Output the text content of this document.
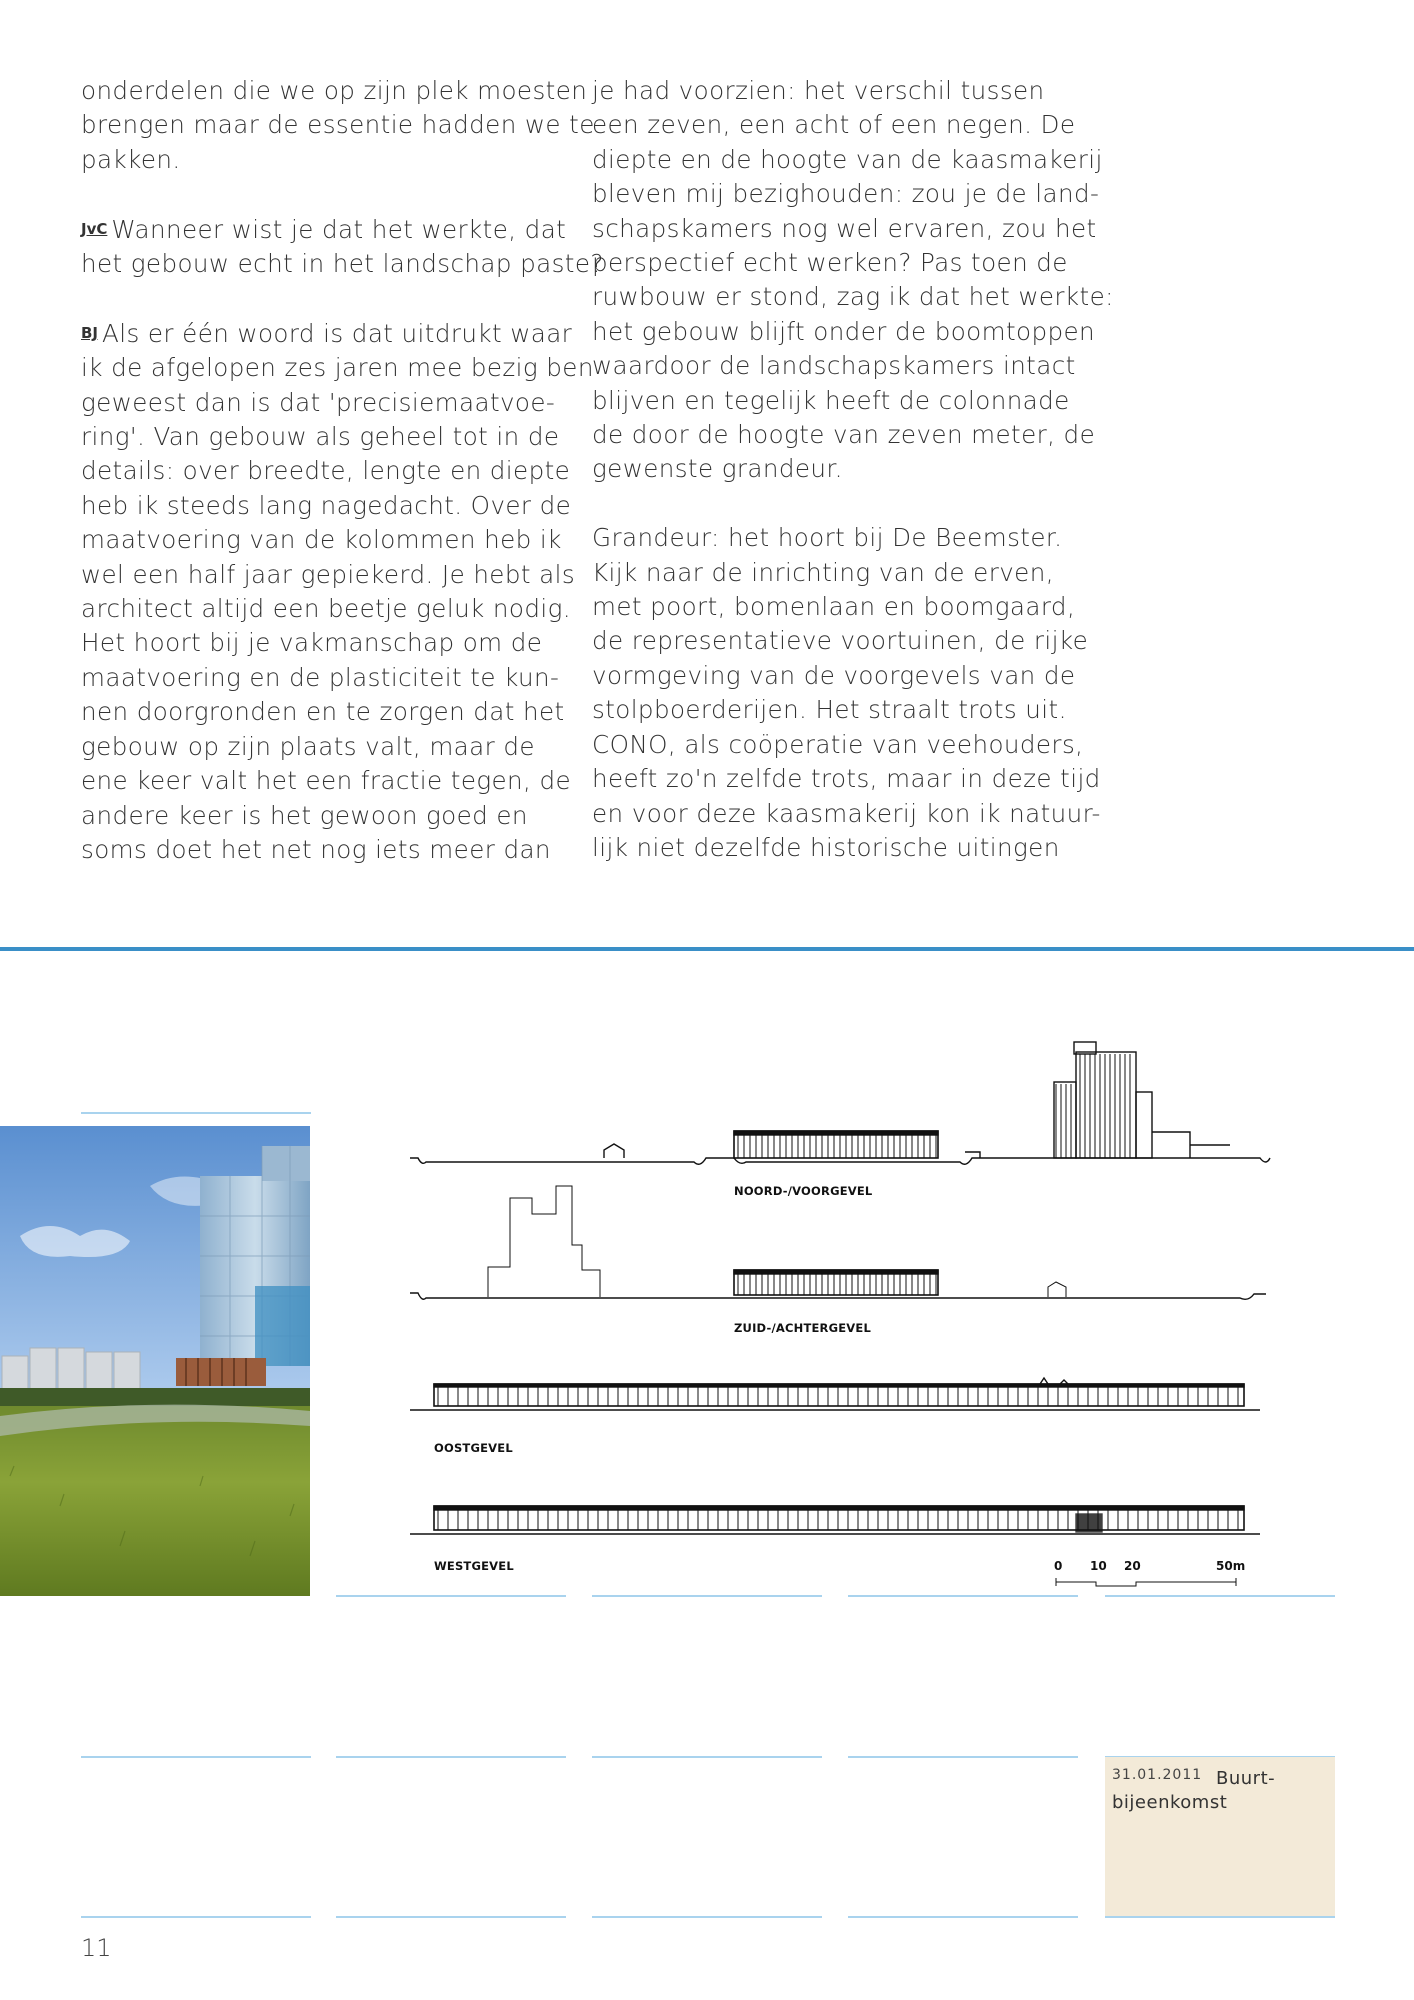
onderdelen die we op zijn plek moesten
brengen maar de essentie hadden we te
pakken.

JvC Wanneer wist je dat het werkte, dat
het gebouw echt in het landschap paste?

BJ Als er één woord is dat uitdrukt waar
ik de afgelopen zes jaren mee bezig ben
geweest dan is dat 'precisiemaatvoe-
ring'. Van gebouw als geheel tot in de
details: over breedte, lengte en diepte
heb ik steeds lang nagedacht. Over de
maatvoering van de kolommen heb ik
wel een half jaar gepiekerd. Je hebt als
architect altijd een beetje geluk nodig.
Het hoort bij je vakmanschap om de
maatvoering en de plasticiteit te kun-
nen doorgronden en te zorgen dat het
gebouw op zijn plaats valt, maar de
ene keer valt het een fractie tegen, de
andere keer is het gewoon goed en
soms doet het net nog iets meer dan

je had voorzien: het verschil tussen
een zeven, een acht of een negen. De
diepte en de hoogte van de kaasmakerij
bleven mij bezighouden: zou je de land-
schapskamers nog wel ervaren, zou het
perspectief echt werken? Pas toen de
ruwbouw er stond, zag ik dat het werkte:
het gebouw blijft onder de boomtoppen
waardoor de landschapskamers intact
blijven en tegelijk heeft de colonnade
de door de hoogte van zeven meter, de
gewenste grandeur.

Grandeur: het hoort bij De Beemster.
Kijk naar de inrichting van de erven,
met poort, bomenlaan en boomgaard,
de representatieve voortuinen, de rijke
vormgeving van de voorgevels van de
stolpboerderijen. Het straalt trots uit.
CONO, als coöperatie van veehouders,
heeft zo'n zelfde trots, maar in deze tijd
en voor deze kaasmakerij kon ik natuur-
lijk niet dezelfde historische uitingen

NOORD-/VOORGEVEL
ZUID-/ACHTERGEVEL
OOSTGEVEL
WESTGEVEL	0 10 20	50m
31.01.2011 Buurt-bijeenkomst
11
